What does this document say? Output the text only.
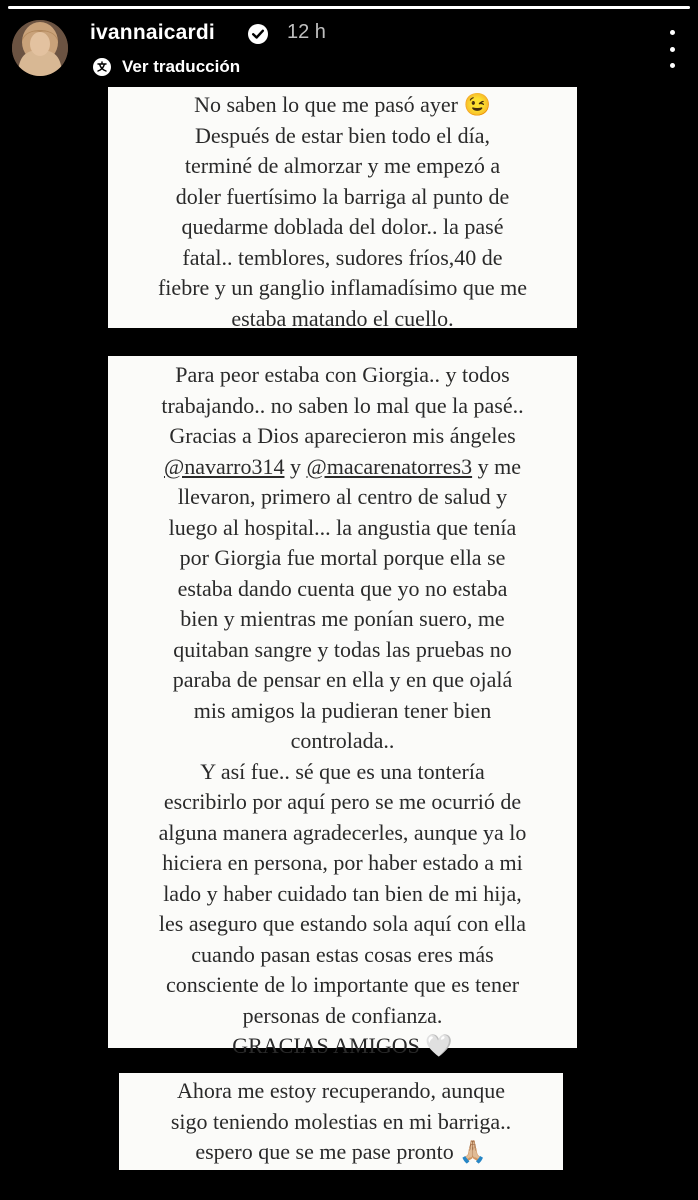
ivannaicardi	12 h
Ver traducción
No saben lo que me pasó ayer 😉
Después de estar bien todo el día,
terminé de almorzar y me empezó a
doler fuertísimo la barriga al punto de
quedarme doblada del dolor.. la pasé
fatal.. temblores, sudores fríos,40 de
fiebre y un ganglio inflamadísimo que me
estaba matando el cuello.
Para peor estaba con Giorgia.. y todos
trabajando.. no saben lo mal que la pasé..
Gracias a Dios aparecieron mis ángeles
@navarro314 y @macarenatorres3 y me
llevaron, primero al centro de salud y
luego al hospital... la angustia que tenía
por Giorgia fue mortal porque ella se
estaba dando cuenta que yo no estaba
bien y mientras me ponían suero, me
quitaban sangre y todas las pruebas no
paraba de pensar en ella y en que ojalá
mis amigos la pudieran tener bien
controlada..
Y así fue.. sé que es una tontería
escribirlo por aquí pero se me ocurrió de
alguna manera agradecerles, aunque ya lo
hiciera en persona, por haber estado a mi
lado y haber cuidado tan bien de mi hija,
les aseguro que estando sola aquí con ella
cuando pasan estas cosas eres más
consciente de lo importante que es tener
personas de confianza.
GRACIAS AMIGOS 🤍
Ahora me estoy recuperando, aunque
sigo teniendo molestias en mi barriga..
espero que se me pase pronto 🙏🏼
